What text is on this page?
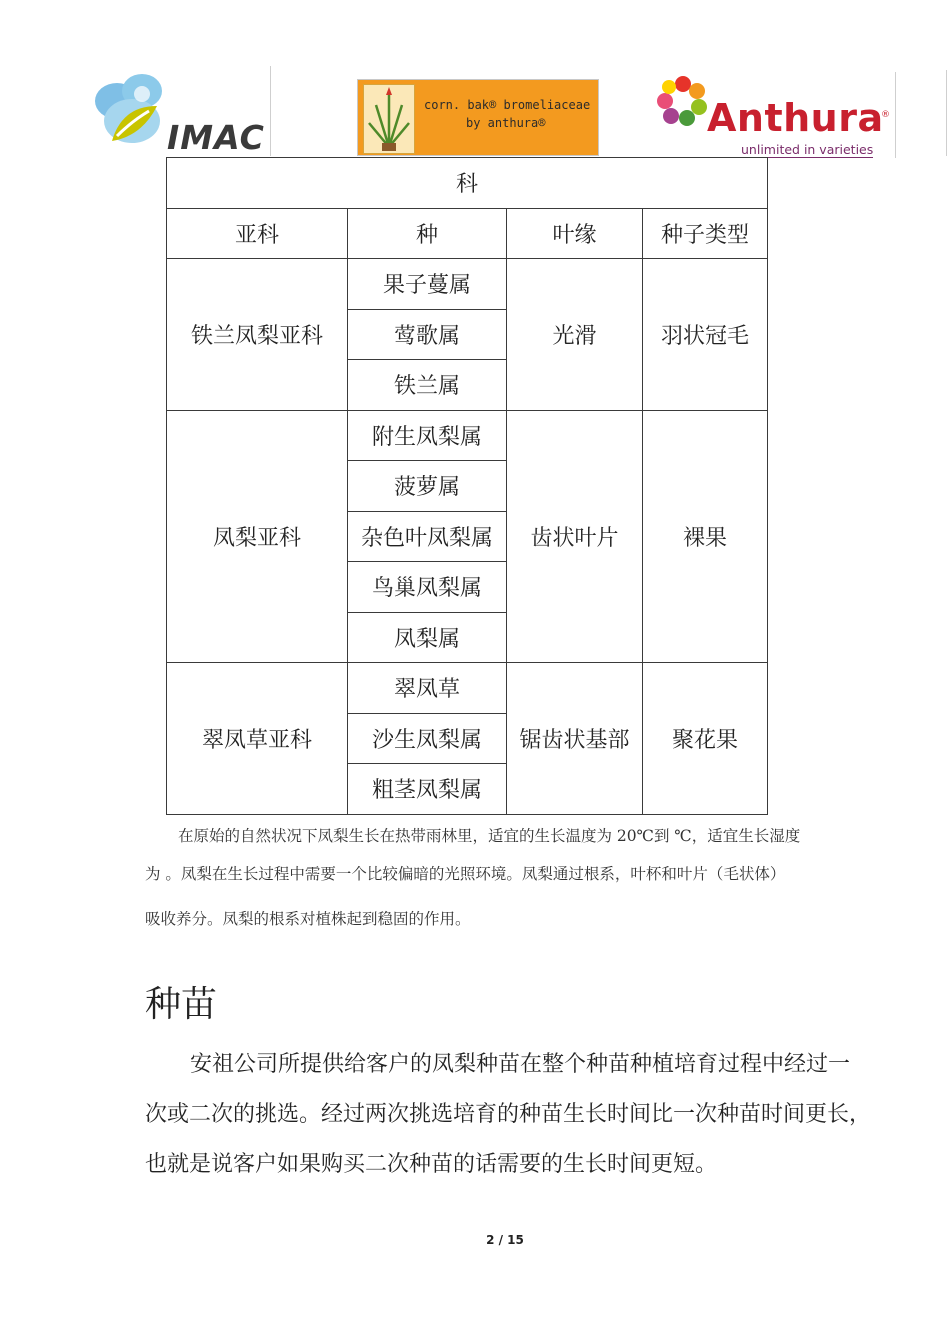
IMAC
corn. bak® bromeliaceae
by anthura®	Anthura
®
unlimited in varieties
科			
亚科	种	叶缘	种子类型
铁兰凤梨亚科	果子蔓属	光滑	羽状冠毛
	莺歌属		
	铁兰属		
凤梨亚科	附生凤梨属	齿状叶片	裸果
	菠萝属		
	杂色叶凤梨属		
	鸟巢凤梨属		
	凤梨属		
翠凤草亚科	翠凤草	锯齿状基部	聚花果
	沙生凤梨属		
	粗茎凤梨属		
在原始的自然状况下凤梨生长在热带雨林里，适宜的生长温度为 20℃到 ℃，适宜生长湿度
为 。凤梨在生长过程中需要一个比较偏暗的光照环境。凤梨通过根系，叶杯和叶片（毛状体）
吸收养分。凤梨的根系对植株起到稳固的作用。
种苗
安祖公司所提供给客户的凤梨种苗在整个种苗种植培育过程中经过一
次或二次的挑选。经过两次挑选培育的种苗生长时间比一次种苗时间更长，
也就是说客户如果购买二次种苗的话需要的生长时间更短。
2 / 15
